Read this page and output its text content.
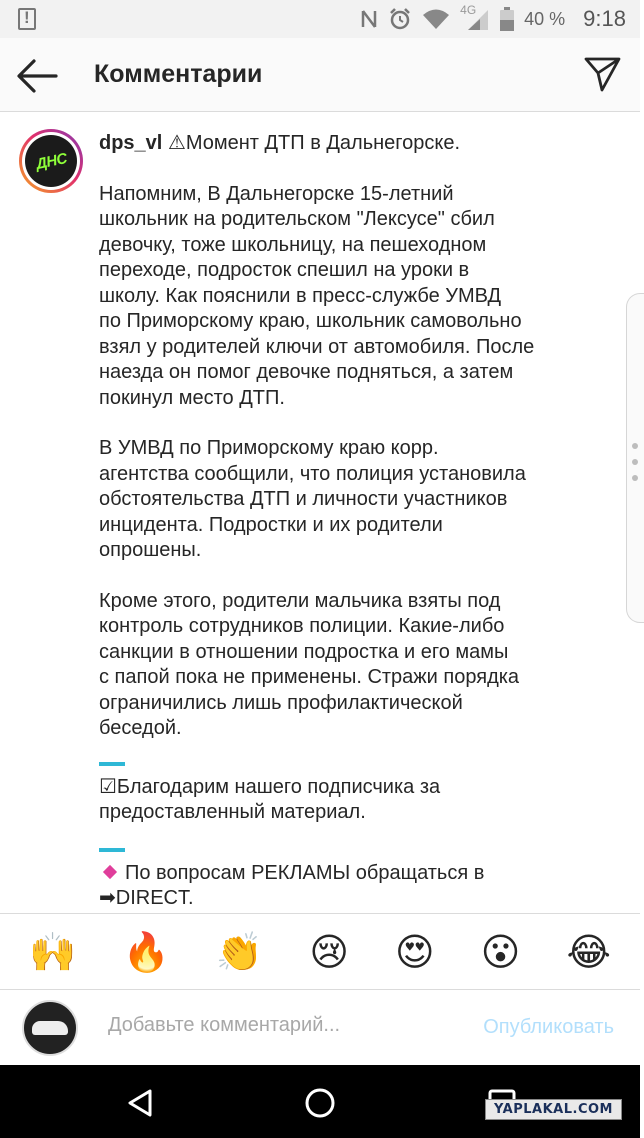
!
4G	40 % 9:18
Комментарии
ДНС

dps_vl ⚠Момент ДТП в Дальнегорске.

Напомним, В Дальнегорске 15-летний
школьник на родительском "Лексусе" сбил
девочку, тоже школьницу, на пешеходном
переходе, подросток спешил на уроки в
школу. Как пояснили в пресс-службе УМВД
по Приморскому краю, школьник самовольно
взял у родителей ключи от автомобиля. После
наезда он помог девочке подняться, а затем
покинул место ДТП.

В УМВД по Приморскому краю корр.
агентства сообщили, что полиция установила
обстоятельства ДТП и личности участников
инцидента. Подростки и их родители
опрошены.

Кроме этого, родители мальчика взяты под
контроль сотрудников полиции. Какие-либо
санкции в отношении подростка и его мамы
с папой пока не применены. Стражи порядка
ограничились лишь профилактической
беседой.

☑Благодарим нашего подписчика за
предоставленный материал.

По вопросам РЕКЛАМЫ обращаться в
➡DIRECT.

🙌 🔥 👏 😢 😍 😮 😂
Добавьте комментарий...
Опубликовать
YAPLAKAL.COM
